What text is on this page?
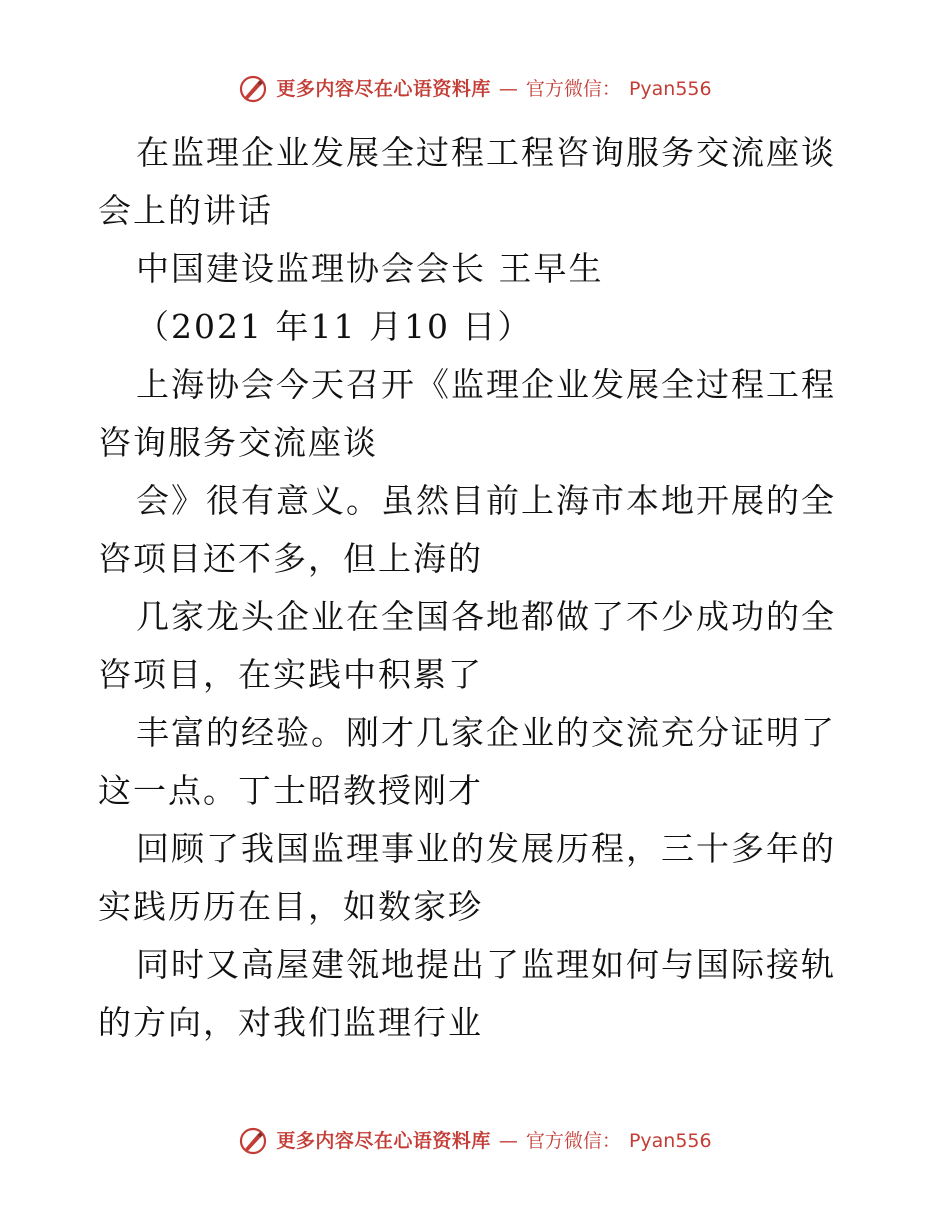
更多内容尽在心语资料库 — 官方微信： Pyan556

在监理企业发展全过程工程咨询服务交流座谈会上的讲话

中国建设监理协会会长 王早生

（2021 年11 月10 日）

上海协会今天召开《监理企业发展全过程工程咨询服务交流座谈

会》很有意义。虽然目前上海市本地开展的全咨项目还不多，但上海的

几家龙头企业在全国各地都做了不少成功的全咨项目，在实践中积累了

丰富的经验。刚才几家企业的交流充分证明了这一点。丁士昭教授刚才

回顾了我国监理事业的发展历程，三十多年的实践历历在目，如数家珍

同时又高屋建瓴地提出了监理如何与国际接轨的方向，对我们监理行业

更多内容尽在心语资料库 — 官方微信： Pyan556
